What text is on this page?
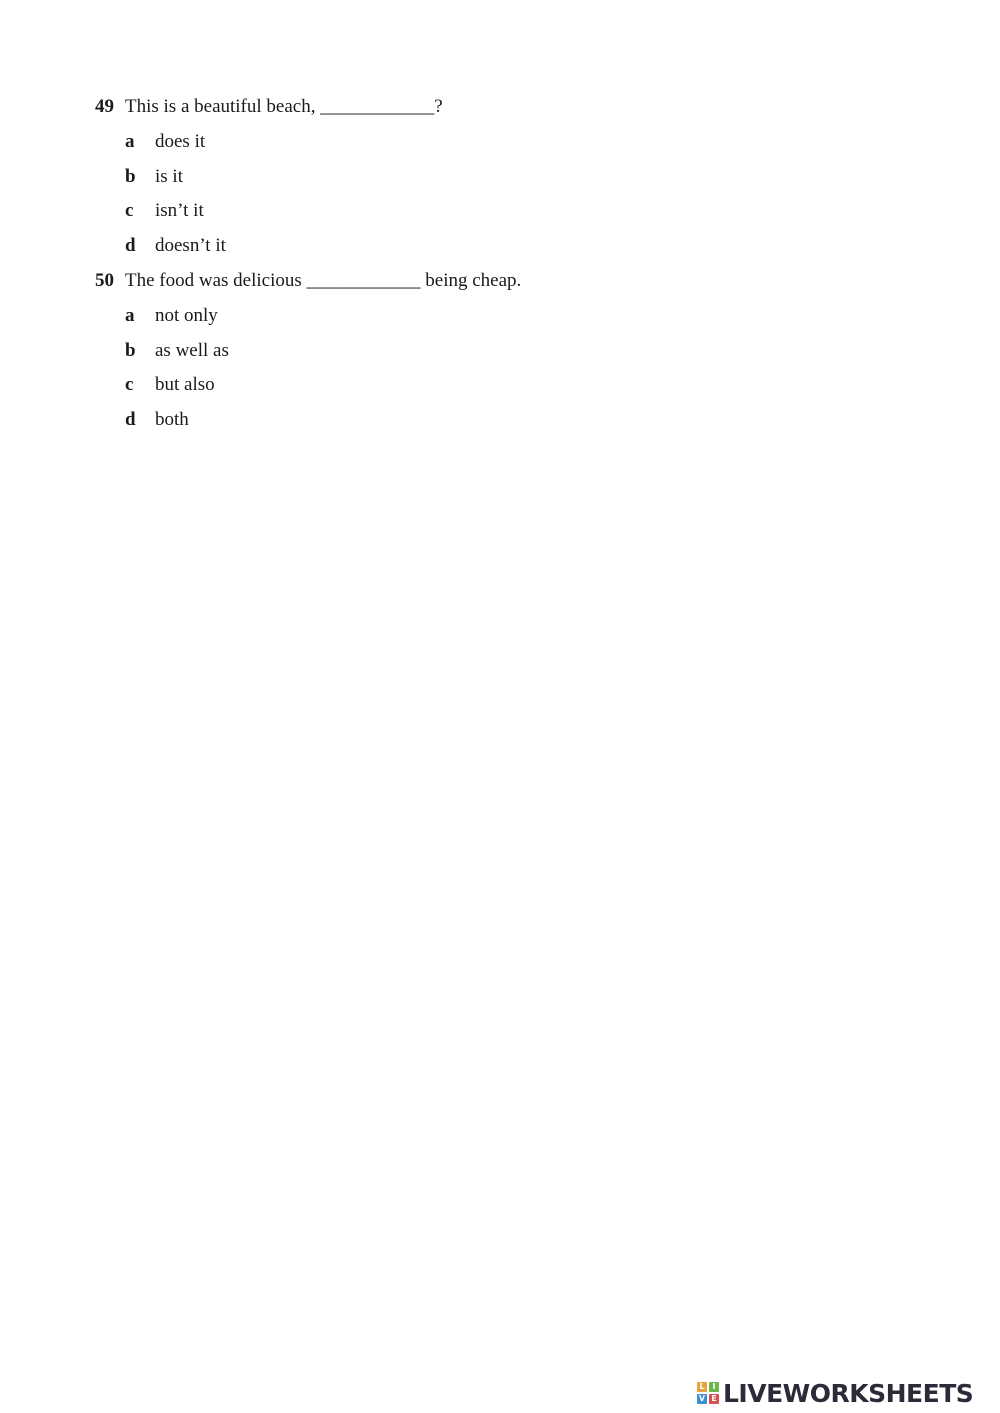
49 This is a beautiful beach, ____________?
a does it
b is it
c isn’t it
d doesn’t it
50 The food was delicious ____________ being cheap.
a not only
b as well as
c but also
d both
L I
V E LIVEWORKSHEETS
